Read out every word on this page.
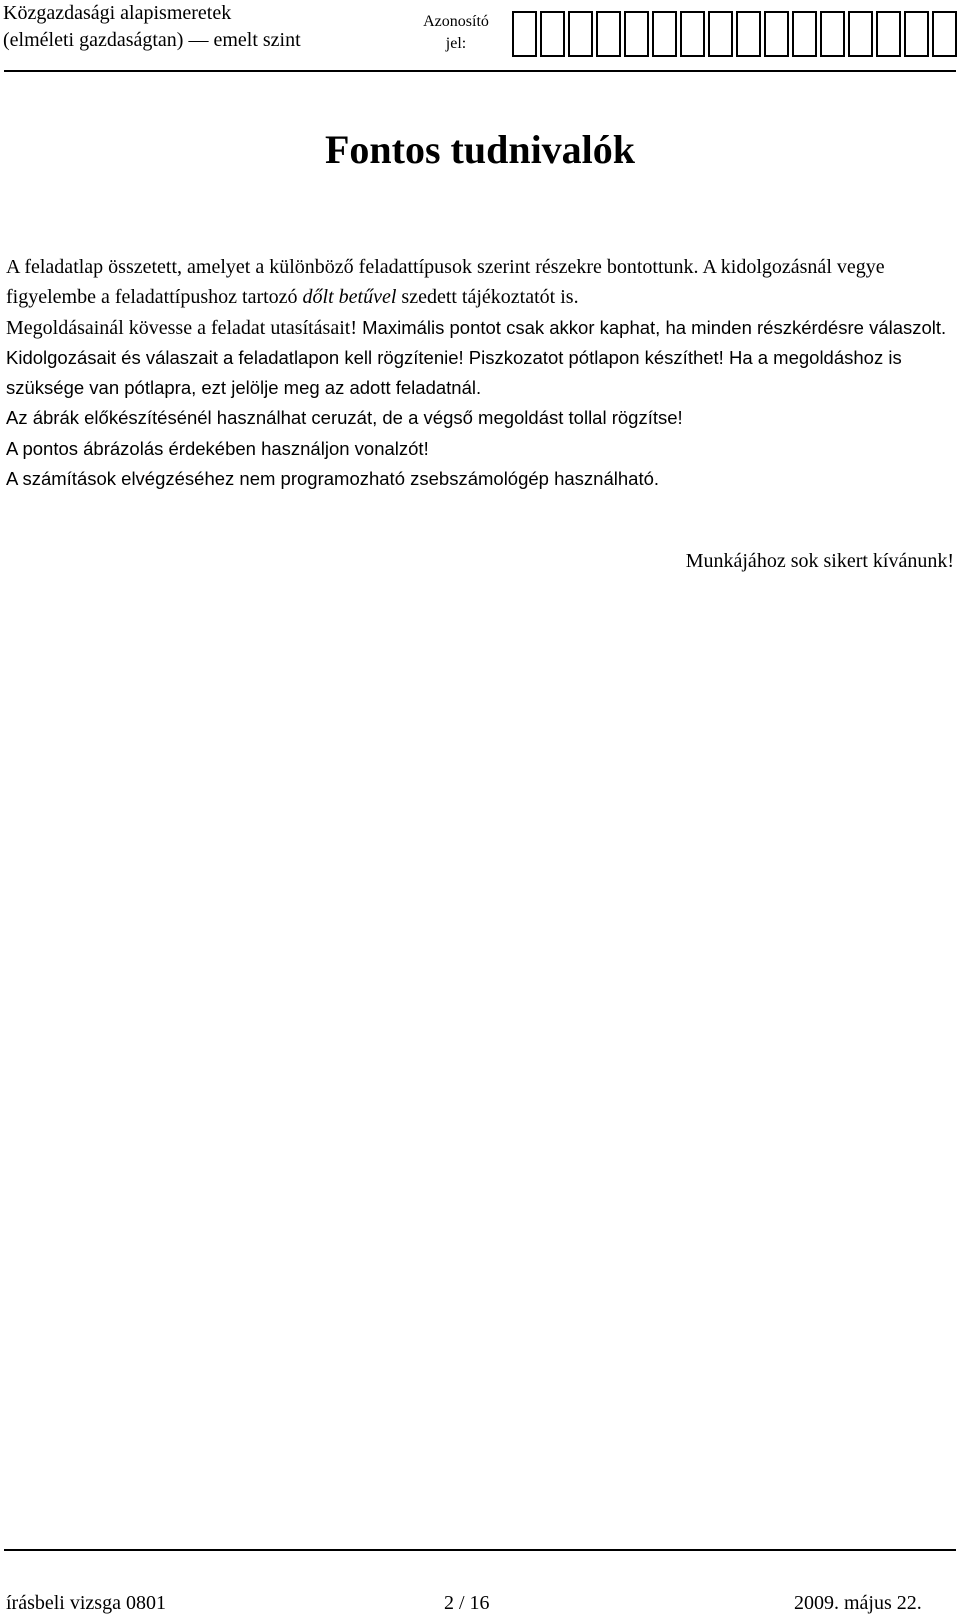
Közgazdasági alapismeretek
(elméleti gazdaságtan) — emelt szint
Azonosító
jel:
Fontos tudnivalók

A feladatlap összetett, amelyet a különböző feladattípusok szerint részekre bontottunk. A kidolgozásnál vegye figyelembe a feladattípushoz tartozó dőlt betűvel szedett tájékoztatót is.

Megoldásainál kövesse a feladat utasításait! Maximális pontot csak akkor kaphat, ha minden részkérdésre válaszolt.

Kidolgozásait és válaszait a feladatlapon kell rögzítenie! Piszkozatot pótlapon készíthet! Ha a megoldáshoz is szüksége van pótlapra, ezt jelölje meg az adott feladatnál.

Az ábrák előkészítésénél használhat ceruzát, de a végső megoldást tollal rögzítse!

A pontos ábrázolás érdekében használjon vonalzót!

A számítások elvégzéséhez nem programozható zsebszámológép használható.

Munkájához sok sikert kívánunk!
írásbeli vizsga 0801	2 / 16	2009. május 22.
